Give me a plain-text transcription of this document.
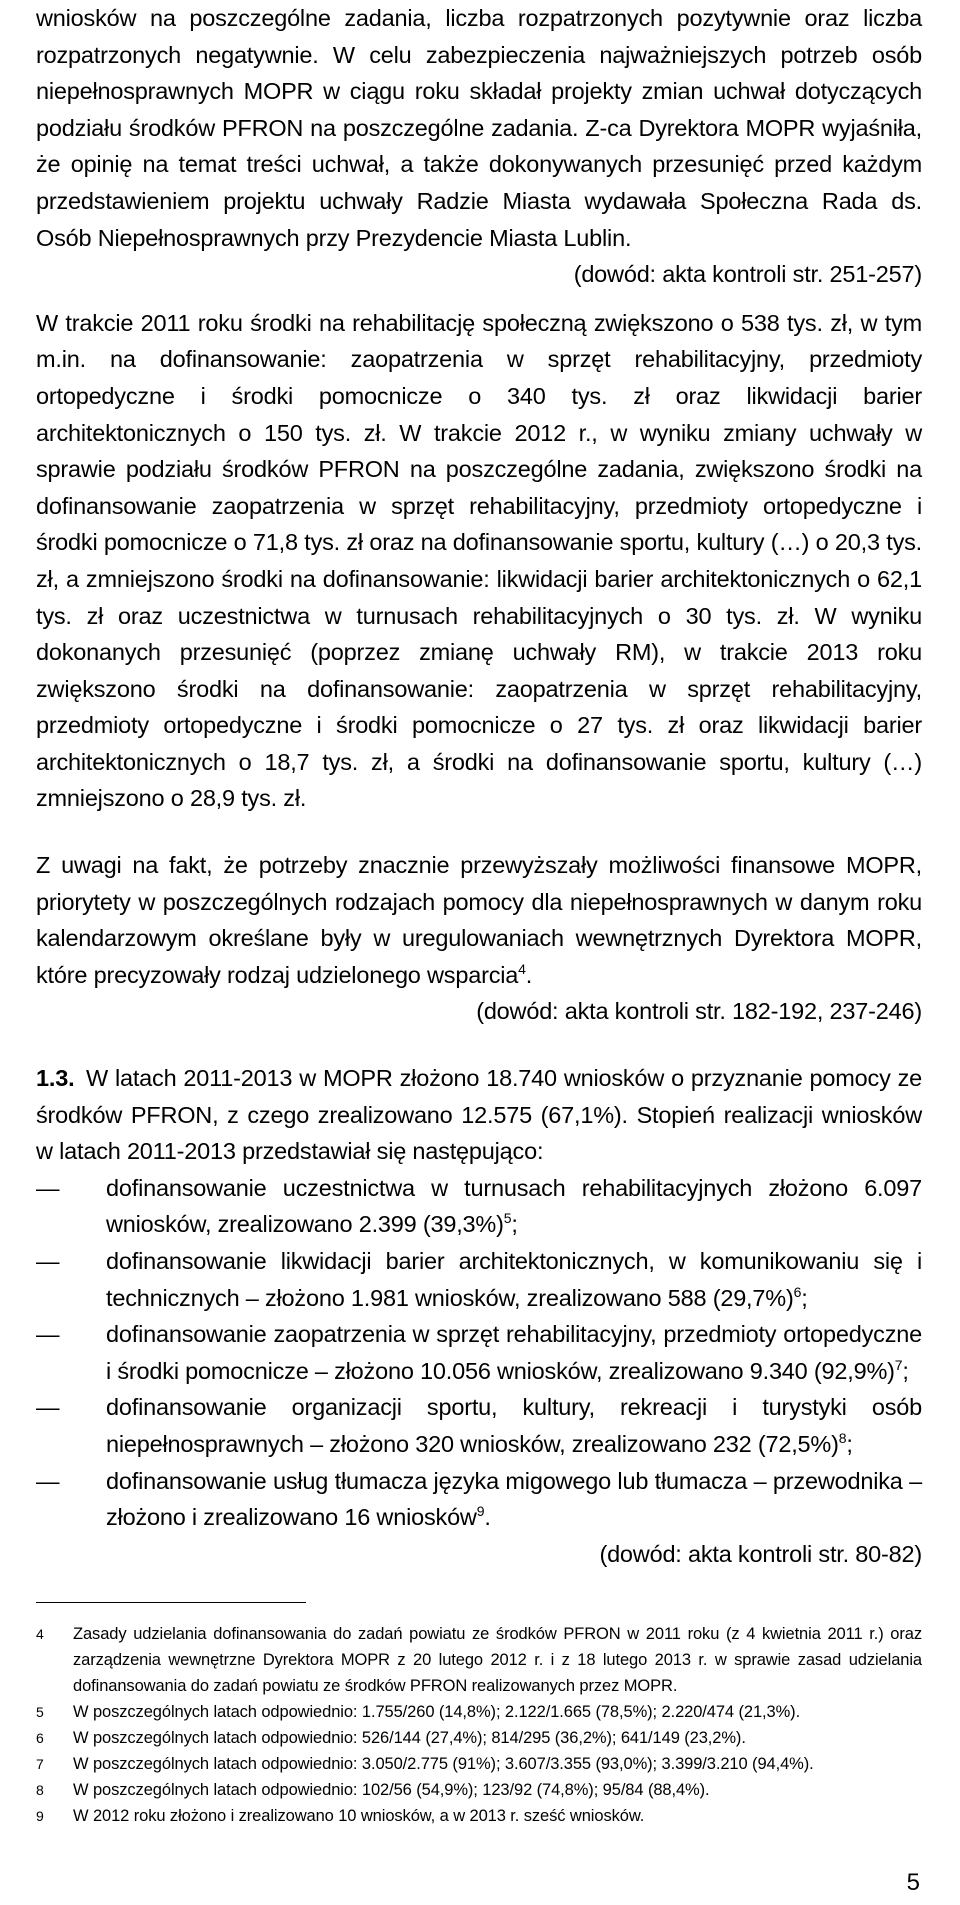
wniosków na poszczególne zadania, liczba rozpatrzonych pozytywnie oraz liczba rozpatrzonych negatywnie. W celu zabezpieczenia najważniejszych potrzeb osób niepełnosprawnych MOPR w ciągu roku składał projekty zmian uchwał dotyczących podziału środków PFRON na poszczególne zadania. Z-ca Dyrektora MOPR wyjaśniła, że opinię na temat treści uchwał, a także dokonywanych przesunięć przed każdym przedstawieniem projektu uchwały Radzie Miasta wydawała Społeczna Rada ds. Osób Niepełnosprawnych przy Prezydencie Miasta Lublin.

(dowód: akta kontroli str. 251-257)

W trakcie 2011 roku środki na rehabilitację społeczną zwiększono o 538 tys. zł, w tym m.in. na dofinansowanie: zaopatrzenia w sprzęt rehabilitacyjny, przedmioty ortopedyczne i środki pomocnicze o 340 tys. zł oraz likwidacji barier architektonicznych o 150 tys. zł. W trakcie 2012 r., w wyniku zmiany uchwały w sprawie podziału środków PFRON na poszczególne zadania, zwiększono środki na dofinansowanie zaopatrzenia w sprzęt rehabilitacyjny, przedmioty ortopedyczne i środki pomocnicze o 71,8 tys. zł oraz na dofinansowanie sportu, kultury (…) o 20,3 tys. zł, a zmniejszono środki na dofinansowanie: likwidacji barier architektonicznych o 62,1 tys. zł oraz uczestnictwa w turnusach rehabilitacyjnych o 30 tys. zł. W wyniku dokonanych przesunięć (poprzez zmianę uchwały RM), w trakcie 2013 roku zwiększono środki na dofinansowanie: zaopatrzenia w sprzęt rehabilitacyjny, przedmioty ortopedyczne i środki pomocnicze o 27 tys. zł oraz likwidacji barier architektonicznych o 18,7 tys. zł, a środki na dofinansowanie sportu, kultury (…) zmniejszono o 28,9 tys. zł.

Z uwagi na fakt, że potrzeby znacznie przewyższały możliwości finansowe MOPR, priorytety w poszczególnych rodzajach pomocy dla niepełnosprawnych w danym roku kalendarzowym określane były w uregulowaniach wewnętrznych Dyrektora MOPR, które precyzowały rodzaj udzielonego wsparcia$^4$.

(dowód: akta kontroli str. 182-192, 237-246)

1.3. W latach 2011-2013 w MOPR złożono 18.740 wniosków o przyznanie pomocy ze środków PFRON, z czego zrealizowano 12.575 (67,1%). Stopień realizacji wniosków w latach 2011-2013 przedstawiał się następująco:

—	dofinansowanie uczestnictwa w turnusach rehabilitacyjnych złożono 6.097 wniosków, zrealizowano 2.399 $(39,3\%)^5$;
—	dofinansowanie likwidacji barier architektonicznych, w komunikowaniu się i technicznych – złożono 1.981 wniosków, zrealizowano 588 $(29,7\%)^6$;
—	dofinansowanie zaopatrzenia w sprzęt rehabilitacyjny, przedmioty ortopedyczne i środki pomocnicze – złożono 10.056 wniosków, zrealizowano 9.340 $(92,9\%)^7$;
—	dofinansowanie organizacji sportu, kultury, rekreacji i turystyki osób niepełnosprawnych – złożono 320 wniosków, zrealizowano 232 $(72,5\%)^8$;
—	dofinansowanie usług tłumacza języka migowego lub tłumacza – przewodnika – złożono i zrealizowano 16 wniosków$^9$.

(dowód: akta kontroli str. 80-82)

4 Zasady udzielania dofinansowania do zadań powiatu ze środków PFRON w 2011 roku (z 4 kwietnia 2011 r.) oraz zarządzenia wewnętrzne Dyrektora MOPR z 20 lutego 2012 r. i z 18 lutego 2013 r. w sprawie zasad udzielania dofinansowania do zadań powiatu ze środków PFRON realizowanych przez MOPR.
5 W poszczególnych latach odpowiednio: 1.755/260 (14,8%); 2.122/1.665 (78,5%); 2.220/474 (21,3%).
6 W poszczególnych latach odpowiednio: 526/144 (27,4%); 814/295 (36,2%); 641/149 (23,2%).
7 W poszczególnych latach odpowiednio: 3.050/2.775 (91%); 3.607/3.355 (93,0%); 3.399/3.210 (94,4%).
8 W poszczególnych latach odpowiednio: 102/56 (54,9%); 123/92 (74,8%); 95/84 (88,4%).
9 W 2012 roku złożono i zrealizowano 10 wniosków, a w 2013 r. sześć wniosków.
5
